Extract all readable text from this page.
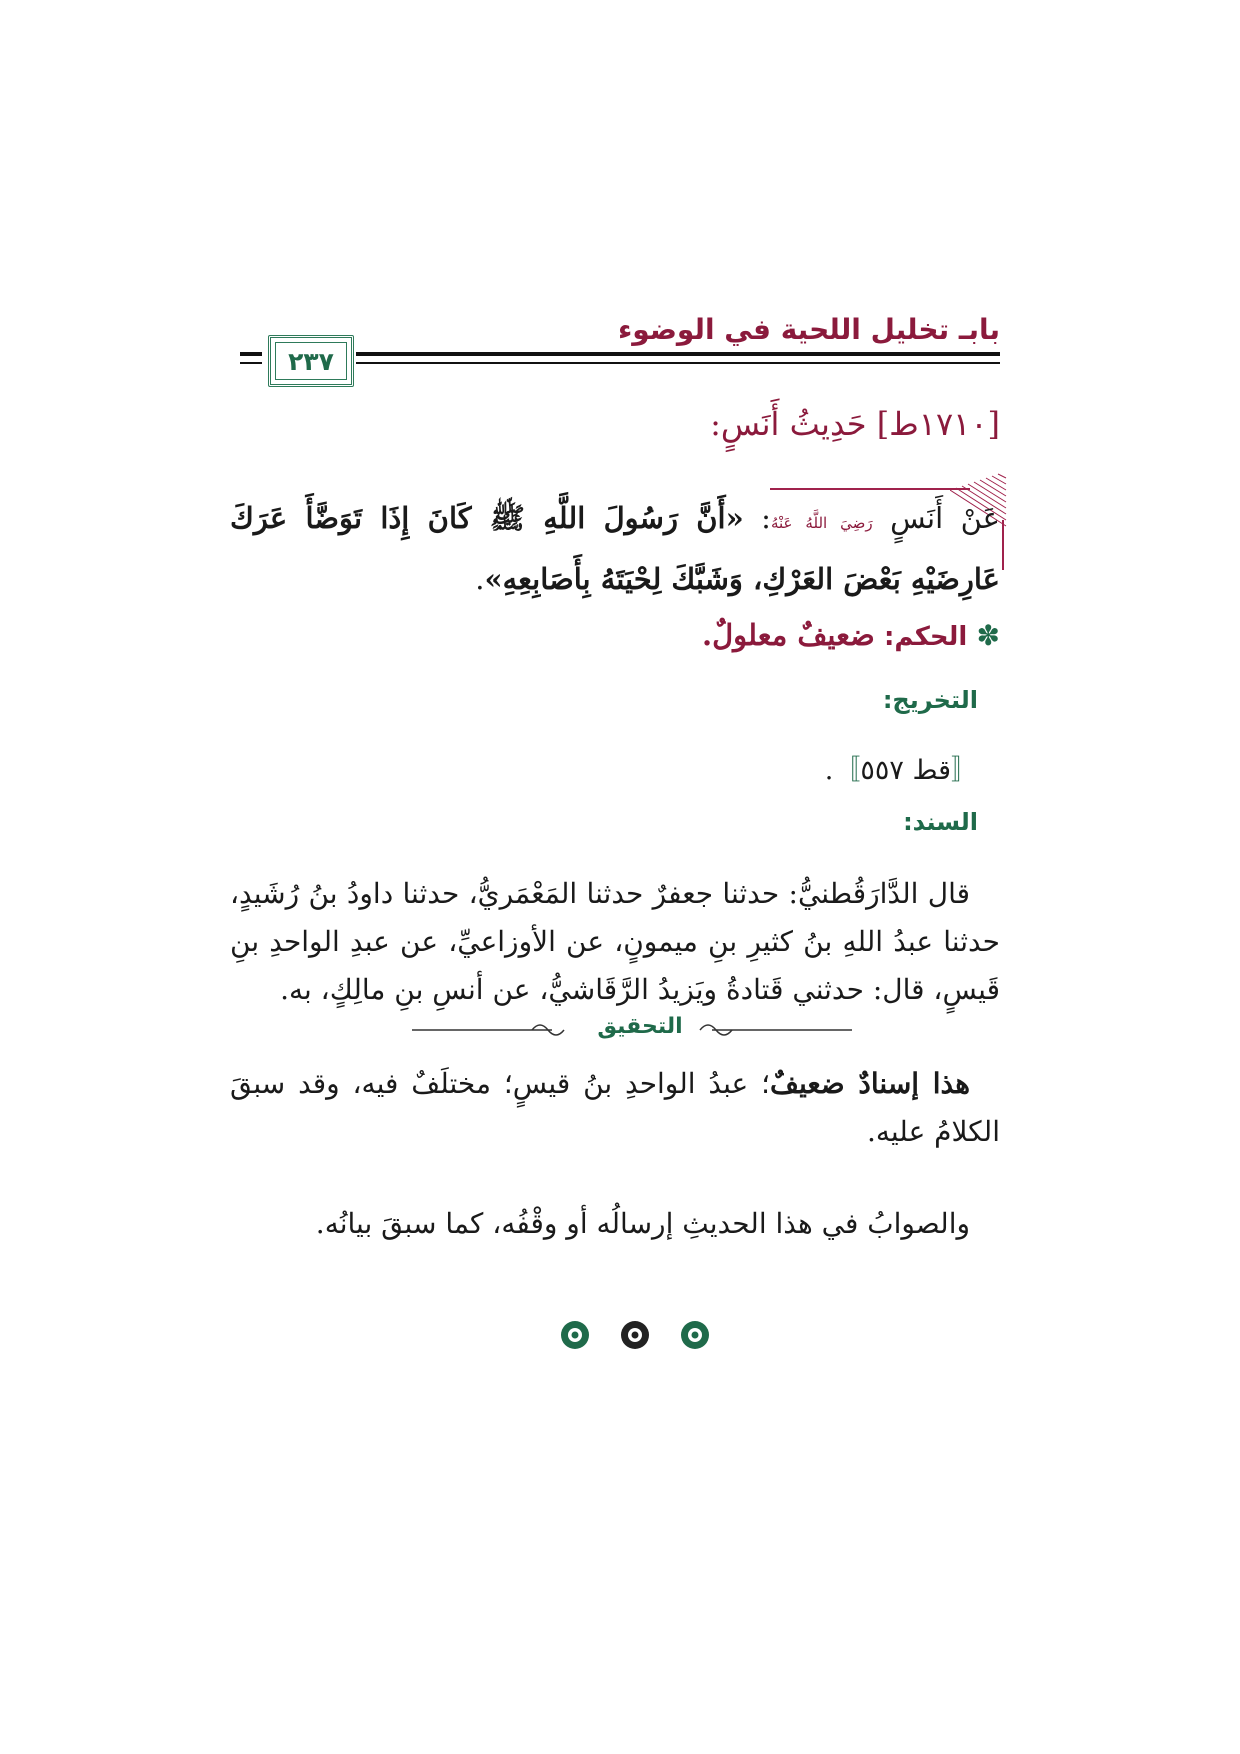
بابـ تخليل اللحية في الوضوء
٢٣٧
[١٧١٠ط] حَدِيثُ أَنَسٍ:
عَنْ أَنَسٍ رَضِيَ اللَّهُ عَنْهُ: «أَنَّ رَسُولَ اللَّهِ ﷺ كَانَ إِذَا تَوَضَّأَ عَرَكَ عَارِضَيْهِ بَعْضَ العَرْكِ، وَشَبَّكَ لِحْيَتَهُ بِأَصَابِعِهِ».
✽ الحكم: ضعيفٌ معلولٌ.
التخريج:
〚قط ٥٥٧〛.
السند:
قال الدَّارَقُطنيُّ: حدثنا جعفرٌ حدثنا المَعْمَريُّ، حدثنا داودُ بنُ رُشَيدٍ، حدثنا عبدُ اللهِ بنُ كثيرِ بنِ ميمونٍ، عن الأوزاعيِّ، عن عبدِ الواحدِ بنِ قَيسٍ، قال: حدثني قَتادةُ ويَزيدُ الرَّقَاشيُّ، عن أنسِ بنِ مالِكٍ، به.
التحقيق
هذا إسنادٌ ضعيفٌ؛ عبدُ الواحدِ بنُ قيسٍ؛ مختلَفٌ فيه، وقد سبقَ الكلامُ عليه.
والصوابُ في هذا الحديثِ إرسالُه أو وقْفُه، كما سبقَ بيانُه.
